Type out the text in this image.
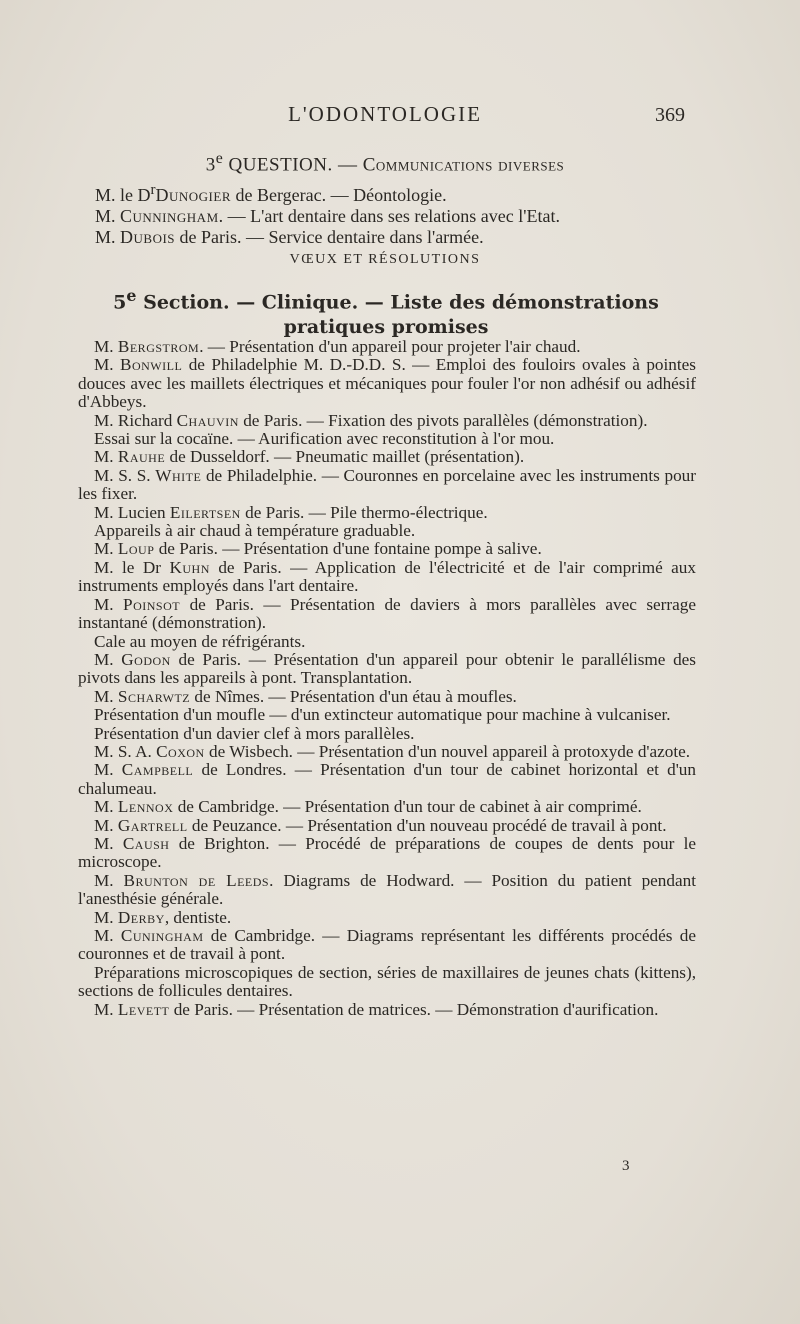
L'ODONTOLOGIE	369
3e QUESTION. — Communications diverses

M. le $D^rDunogier$ de Bergerac. — Déontologie.

M. Cunningham. — L'art dentaire dans ses relations avec l'Etat.

M. Dubois de Paris. — Service dentaire dans l'armée.

VŒUX ET RÉSOLUTIONS
5e Section. — Clinique. — Liste des démonstrations
pratiques promises

M. Bergstrom. — Présentation d'un appareil pour projeter l'air chaud.

M. Bonwill de Philadelphie M. D.-D.D. S. — Emploi des fouloirs ovales à pointes douces avec les maillets électriques et mécaniques pour fouler l'or non adhésif ou adhésif d'Abbeys.

M. Richard Chauvin de Paris. — Fixation des pivots parallèles (démonstration).

Essai sur la cocaïne. — Aurification avec reconstitution à l'or mou.

M. Rauhe de Dusseldorf. — Pneumatic maillet (présentation).

M. S. S. White de Philadelphie. — Couronnes en porcelaine avec les instruments pour les fixer.

M. Lucien Eilertsen de Paris. — Pile thermo-électrique.

Appareils à air chaud à température graduable.

M. Loup de Paris. — Présentation d'une fontaine pompe à salive.

M. le Dr Kuhn de Paris. — Application de l'électricité et de l'air comprimé aux instruments employés dans l'art dentaire.

M. Poinsot de Paris. — Présentation de daviers à mors parallèles avec serrage instantané (démonstration).

Cale au moyen de réfrigérants.

M. Godon de Paris. — Présentation d'un appareil pour obtenir le parallélisme des pivots dans les appareils à pont. Transplantation.

M. Scharwtz de Nîmes. — Présentation d'un étau à moufles.

Présentation d'un moufle — d'un extincteur automatique pour machine à vulcaniser.

Présentation d'un davier clef à mors parallèles.

M. S. A. Coxon de Wisbech. — Présentation d'un nouvel appareil à protoxyde d'azote.

M. Campbell de Londres. — Présentation d'un tour de cabinet horizontal et d'un chalumeau.

M. Lennox de Cambridge. — Présentation d'un tour de cabinet à air comprimé.

M. Gartrell de Peuzance. — Présentation d'un nouveau procédé de travail à pont.

M. Caush de Brighton. — Procédé de préparations de coupes de dents pour le microscope.

M. Brunton de Leeds. Diagrams de Hodward. — Position du patient pendant l'anesthésie générale.

M. Derby, dentiste.

M. Cuningham de Cambridge. — Diagrams représentant les différents procédés de couronnes et de travail à pont.

Préparations microscopiques de section, séries de maxillaires de jeunes chats (kittens), sections de follicules dentaires.

M. Levett de Paris. — Présentation de matrices. — Démonstration d'aurification.

3
